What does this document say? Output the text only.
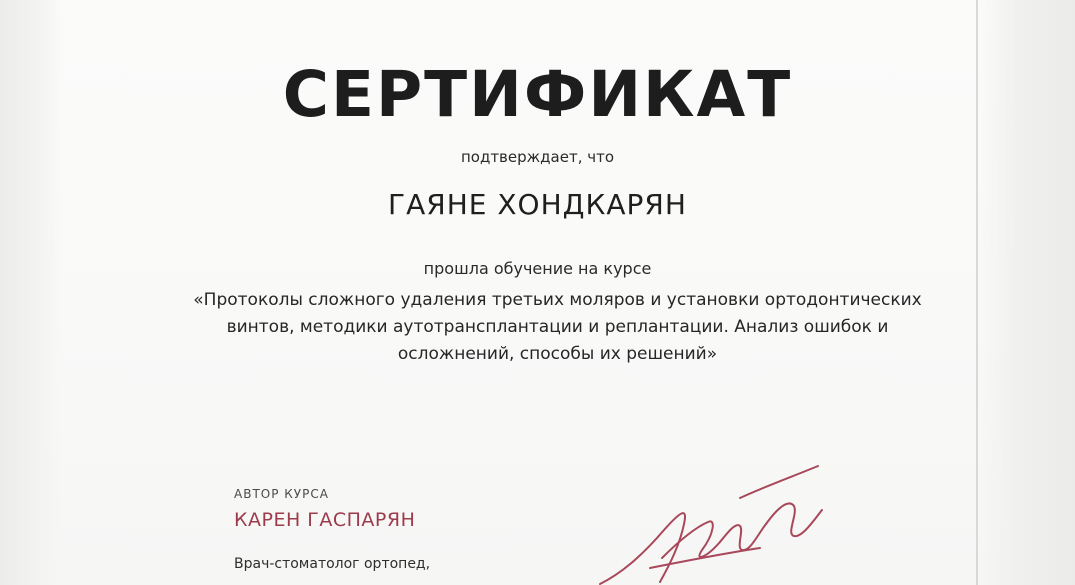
СЕРТИФИКАТ
подтверждает, что
ГАЯНЕ ХОНДКАРЯН
прошла обучение на курсе
«Протоколы сложного удаления третьих моляров и установки ортодонтических винтов, методики аутотрансплантации и реплантации. Анализ ошибок и осложнений, способы их решений»
АВТОР КУРСА
КАРЕН ГАСПАРЯН
Врач-стоматолог ортопед,
